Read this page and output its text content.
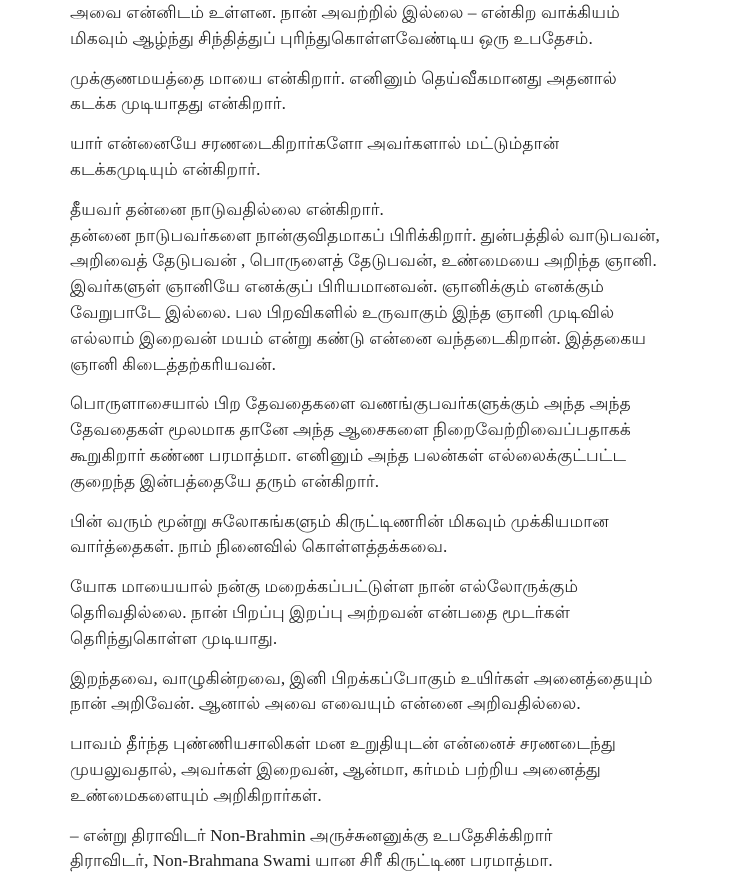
அவை என்னிடம் உள்ளன. நான் அவற்றில் இல்லை – என்கிற வாக்கியம்
மிகவும் ஆழ்ந்து சிந்தித்துப் புரிந்துகொள்ளவேண்டிய ஒரு உபதேசம்.

முக்குணமயத்தை மாயை என்கிறார். எனினும் தெய்வீகமானது அதனால்
கடக்க முடியாதது என்கிறார்.

யார் என்னையே சரணடைகிறார்களோ அவர்களால் மட்டும்தான்
கடக்கமுடியும் என்கிறார்.

தீயவர் தன்னை நாடுவதில்லை என்கிறார்.

தன்னை நாடுபவர்களை நான்குவிதமாகப் பிரிக்கிறார். துன்பத்தில் வாடுபவன்,
அறிவைத் தேடுபவன் , பொருளைத் தேடுபவன், உண்மையை அறிந்த ஞானி.
இவர்களுள் ஞானியே எனக்குப் பிரியமானவன். ஞானிக்கும் எனக்கும்
வேறுபாடே இல்லை. பல பிறவிகளில் உருவாகும் இந்த ஞானி முடிவில்
எல்லாம் இறைவன் மயம் என்று கண்டு என்னை வந்தடைகிறான். இத்தகைய
ஞானி கிடைத்தற்கரியவன்.

பொருளாசையால் பிற தேவதைகளை வணங்குபவர்களுக்கும் அந்த அந்த
தேவதைகள் மூலமாக தானே அந்த ஆசைகளை நிறைவேற்றிவைப்பதாகக்
கூறுகிறார் கண்ண பரமாத்மா. எனினும் அந்த பலன்கள் எல்லைக்குட்பட்ட
குறைந்த இன்பத்தையே தரும் என்கிறார்.

பின் வரும் மூன்று சுலோகங்களும் கிருட்டிணரின் மிகவும் முக்கியமான
வார்த்தைகள். நாம் நினைவில் கொள்ளத்தக்கவை.

யோக மாயையால் நன்கு மறைக்கப்பட்டுள்ள நான் எல்லோருக்கும்
தெரிவதில்லை. நான் பிறப்பு இறப்பு அற்றவன் என்பதை மூடர்கள்
தெரிந்துகொள்ள முடியாது.

இறந்தவை, வாழுகின்றவை, இனி பிறக்கப்போகும் உயிர்கள் அனைத்தையும்
நான் அறிவேன். ஆனால் அவை எவையும் என்னை அறிவதில்லை.

பாவம் தீர்ந்த புண்ணியசாலிகள் மன உறுதியுடன் என்னைச் சரணடைந்து
முயலுவதால், அவர்கள் இறைவன், ஆன்மா, கர்மம் பற்றிய அனைத்து
உண்மைகளையும் அறிகிறார்கள்.

– என்று திராவிடர் Non-Brahmin அருச்சுனனுக்கு உபதேசிக்கிறார்
திராவிடர், Non-Brahmana Swami யான சிரீ கிருட்டிண பரமாத்மா.
